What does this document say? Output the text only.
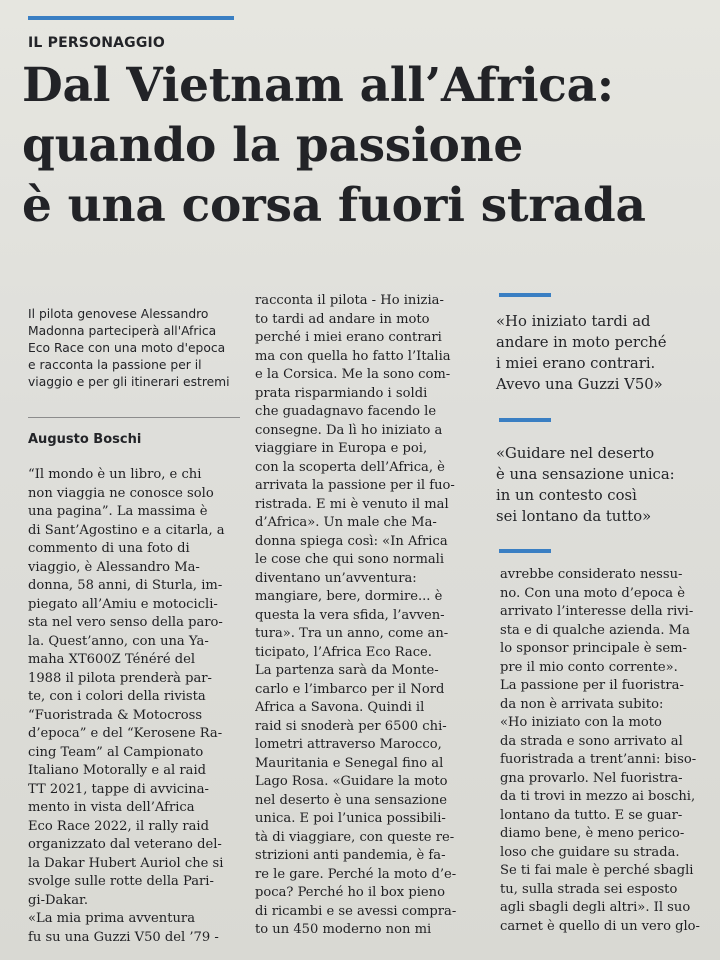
IL PERSONAGGIO
Dal Vietnam all’Africa:
quando la passione
è una corsa fuori strada
Il pilota genovese Alessandro
Madonna parteciperà all'Africa
Eco Race con una moto d'epoca
e racconta la passione per il
viaggio e per gli itinerari estremi
Augusto Boschi
“Il mondo è un libro, e chi
non viaggia ne conosce solo
una pagina”. La massima è
di Sant’Agostino e a citarla, a
commento di una foto di
viaggio, è Alessandro Ma-
donna, 58 anni, di Sturla, im-
piegato all’Amiu e motocicli-
sta nel vero senso della paro-
la. Quest’anno, con una Ya-
maha XT600Z Ténéré del
1988 il pilota prenderà par-
te, con i colori della rivista
“Fuoristrada & Motocross
d’epoca” e del “Kerosene Ra-
cing Team” al Campionato
Italiano Motorally e al raid
TT 2021, tappe di avvicina-
mento in vista dell’Africa
Eco Race 2022, il rally raid
organizzato dal veterano del-
la Dakar Hubert Auriol che si
svolge sulle rotte della Pari-
gi-Dakar.
«La mia prima avventura
fu su una Guzzi V50 del ’79 -
racconta il pilota - Ho inizia-
to tardi ad andare in moto
perché i miei erano contrari
ma con quella ho fatto l’Italia
e la Corsica. Me la sono com-
prata risparmiando i soldi
che guadagnavo facendo le
consegne. Da lì ho iniziato a
viaggiare in Europa e poi,
con la scoperta dell’Africa, è
arrivata la passione per il fuo-
ristrada. E mi è venuto il mal
d’Africa». Un male che Ma-
donna spiega così: «In Africa
le cose che qui sono normali
diventano un’avventura:
mangiare, bere, dormire... è
questa la vera sfida, l’avven-
tura». Tra un anno, come an-
ticipato, l’Africa Eco Race.
La partenza sarà da Monte-
carlo e l’imbarco per il Nord
Africa a Savona. Quindi il
raid si snoderà per 6500 chi-
lometri attraverso Marocco,
Mauritania e Senegal fino al
Lago Rosa. «Guidare la moto
nel deserto è una sensazione
unica. E poi l’unica possibili-
tà di viaggiare, con queste re-
strizioni anti pandemia, è fa-
re le gare. Perché la moto d’e-
poca? Perché ho il box pieno
di ricambi e se avessi compra-
to un 450 moderno non mi
«Ho iniziato tardi ad
andare in moto perché
i miei erano contrari.
Avevo una Guzzi V50»
«Guidare nel deserto
è una sensazione unica:
in un contesto così
sei lontano da tutto»
avrebbe considerato nessu-
no. Con una moto d’epoca è
arrivato l’interesse della rivi-
sta e di qualche azienda. Ma
lo sponsor principale è sem-
pre il mio conto corrente».
La passione per il fuoristra-
da non è arrivata subito:
«Ho iniziato con la moto
da strada e sono arrivato al
fuoristrada a trent’anni: biso-
gna provarlo. Nel fuoristra-
da ti trovi in mezzo ai boschi,
lontano da tutto. E se guar-
diamo bene, è meno perico-
loso che guidare su strada.
Se ti fai male è perché sbagli
tu, sulla strada sei esposto
agli sbagli degli altri». Il suo
carnet è quello di un vero glo-
